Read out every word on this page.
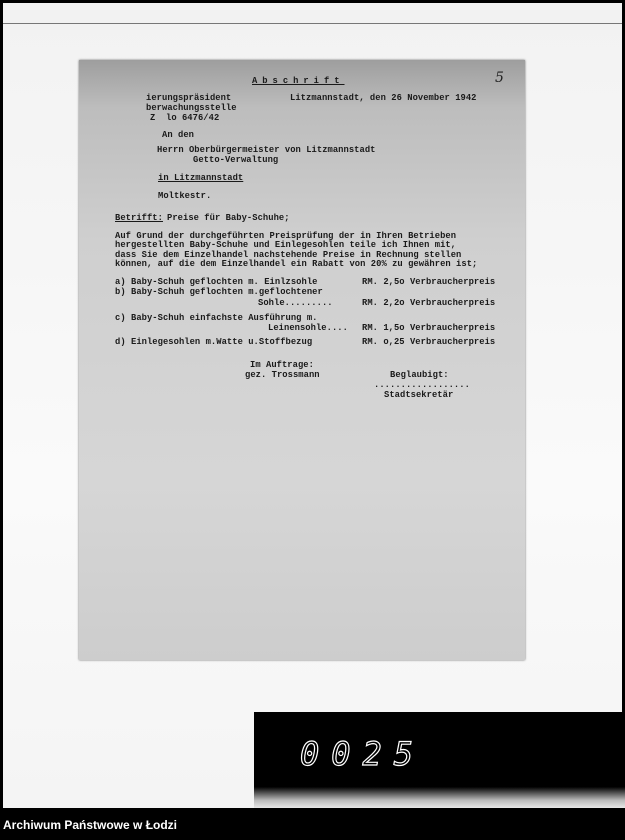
Abschrift	5
ierungspräsident
berwachungsstelle
Z  lo 6476/42
Litzmannstadt, den 26 November 1942
An den
Herrn Oberbürgermeister von Litzmannstadt
Getto-Verwaltung
in Litzmannstadt
Moltkestr.
Betrifft: Preise für Baby-Schuhe;
Auf Grund der durchgeführten Preisprüfung der in Ihren Betrieben
hergestellten Baby-Schuhe und Einlegesohlen teile ich Ihnen mit,
dass Sie dem Einzelhandel nachstehende Preise in Rechnung stellen
können, auf die dem Einzelhandel ein Rabatt von 20% zu gewähren ist;
a) Baby-Schuh geflochten m. Einlzsohle	RM. 2,5o Verbraucherpreis
b) Baby-Schuh geflochten m.geflochtener
Sohle.........	RM. 2,2o Verbraucherpreis
c) Baby-Schuh einfachste Ausführung m.
Leinensohle.... RM. 1,5o Verbraucherpreis
d) Einlegesohlen m.Watte u.Stoffbezug	RM. o,25 Verbraucherpreis
Im Auftrage:
gez. Trossmann	Beglaubigt:
..................
Stadtsekretär
0025
Archiwum Państwowe w Łodzi
